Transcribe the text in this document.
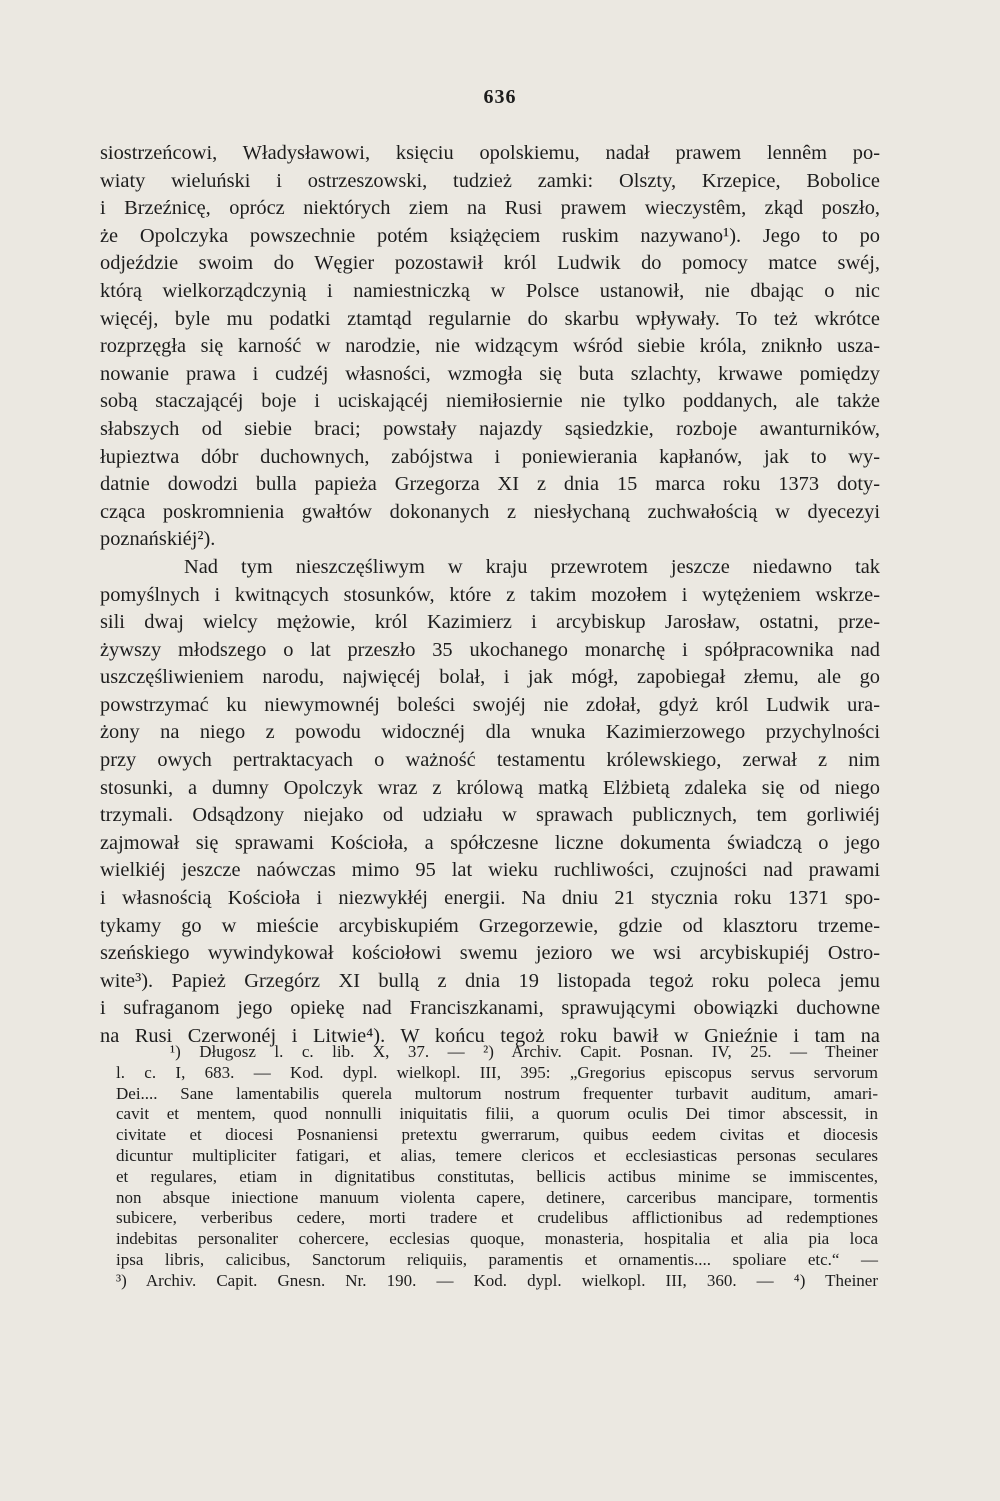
636
siostrzeńcowi, Władysławowi, księciu opolskiemu, nadał prawem lennêm po-
wiaty wieluński i ostrzeszowski, tudzież zamki: Olszty, Krzepice, Bobolice
i Brzeźnicę, oprócz niektórych ziem na Rusi prawem wieczystêm, zkąd poszło,
że Opolczyka powszechnie potém książęciem ruskim nazywano¹). Jego to po
odjeździe swoim do Węgier pozostawił król Ludwik do pomocy matce swéj,
którą wielkorządczynią i namiestniczką w Polsce ustanowił, nie dbając o nic
więcéj, byle mu podatki ztamtąd regularnie do skarbu wpływały. To też wkrótce
rozprzęgła się karność w narodzie, nie widzącym wśród siebie króla, zniknło usza-
nowanie prawa i cudzéj własności, wzmogła się buta szlachty, krwawe pomiędzy
sobą staczającéj boje i uciskającéj niemiłosiernie nie tylko poddanych, ale także
słabszych od siebie braci; powstały najazdy sąsiedzkie, rozboje awanturników,
łupieztwa dóbr duchownych, zabójstwa i poniewierania kapłanów, jak to wy-
datnie dowodzi bulla papieża Grzegorza XI z dnia 15 marca roku 1373 doty-
cząca poskromnienia gwałtów dokonanych z niesłychaną zuchwałością w dyecezyi
poznańskiéj²).
Nad tym nieszczęśliwym w kraju przewrotem jeszcze niedawno tak
pomyślnych i kwitnących stosunków, które z takim mozołem i wytężeniem wskrze-
sili dwaj wielcy mężowie, król Kazimierz i arcybiskup Jarosław, ostatni, prze-
żywszy młodszego o lat przeszło 35 ukochanego monarchę i spółpracownika nad
uszczęśliwieniem narodu, najwięcéj bolał, i jak mógł, zapobiegał złemu, ale go
powstrzymać ku niewymownéj boleści swojéj nie zdołał, gdyż król Ludwik ura-
żony na niego z powodu widocznéj dla wnuka Kazimierzowego przychylności
przy owych pertraktacyach o ważność testamentu królewskiego, zerwał z nim
stosunki, a dumny Opolczyk wraz z królową matką Elżbietą zdaleka się od niego
trzymali. Odsądzony niejako od udziału w sprawach publicznych, tem gorliwiéj
zajmował się sprawami Kościoła, a spółczesne liczne dokumenta świadczą o jego
wielkiéj jeszcze naówczas mimo 95 lat wieku ruchliwości, czujności nad prawami
i własnością Kościoła i niezwykłéj energii. Na dniu 21 stycznia roku 1371 spo-
tykamy go w mieście arcybiskupiém Grzegorzewie, gdzie od klasztoru trzeme-
szeńskiego wywindykował kościołowi swemu jezioro we wsi arcybiskupiéj Ostro-
wite³). Papież Grzegórz XI bullą z dnia 19 listopada tegoż roku poleca jemu
i sufraganom jego opiekę nad Franciszkanami, sprawującymi obowiązki duchowne
na Rusi Czerwonéj i Litwie⁴). W końcu tegoż roku bawił w Gnieźnie i tam na
¹) Długosz l. c. lib. X, 37. — ²) Archiv. Capit. Posnan. IV, 25. — Theiner
l. c. I, 683. — Kod. dypl. wielkopl. III, 395: „Gregorius episcopus servus servorum
Dei.... Sane lamentabilis querela multorum nostrum frequenter turbavit auditum, amari-
cavit et mentem, quod nonnulli iniquitatis filii, a quorum oculis Dei timor abscessit, in
civitate et diocesi Posnaniensi pretextu gwerrarum, quibus eedem civitas et diocesis
dicuntur multipliciter fatigari, et alias, temere clericos et ecclesiasticas personas seculares
et regulares, etiam in dignitatibus constitutas, bellicis actibus minime se immiscentes,
non absque iniectione manuum violenta capere, detinere, carceribus mancipare, tormentis
subicere, verberibus cedere, morti tradere et crudelibus afflictionibus ad redemptiones
indebitas personaliter cohercere, ecclesias quoque, monasteria, hospitalia et alia pia loca
ipsa libris, calicibus, Sanctorum reliquiis, paramentis et ornamentis.... spoliare etc.“ —
³) Archiv. Capit. Gnesn. Nr. 190. — Kod. dypl. wielkopl. III, 360. — ⁴) Theiner
